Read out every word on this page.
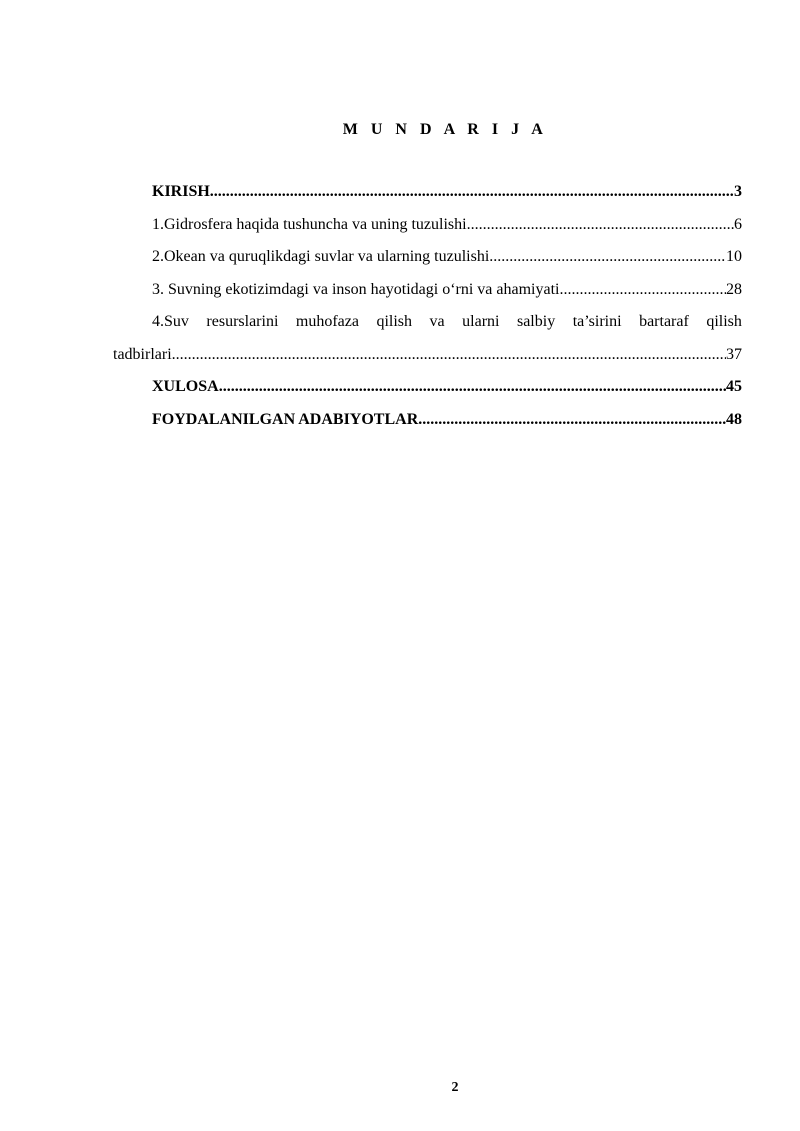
M U N D A R I J A
KIRISH .....	3
1.Gidrosfera haqida tushuncha va uning tuzulishi .....	6
2.Okean va quruqlikdagi suvlar va ularning tuzulishi .....	10
3. Suvning ekotizimdagi va inson hayotidagi o‘rni va ahamiyati .....	28
4.Suv resurslarini muhofaza qilish va ularni salbiy ta’sirini bartaraf qilish
tadbirlari .....	37
XULOSA .....	45
FOYDALANILGAN ADABIYOTLAR .....	48
2
